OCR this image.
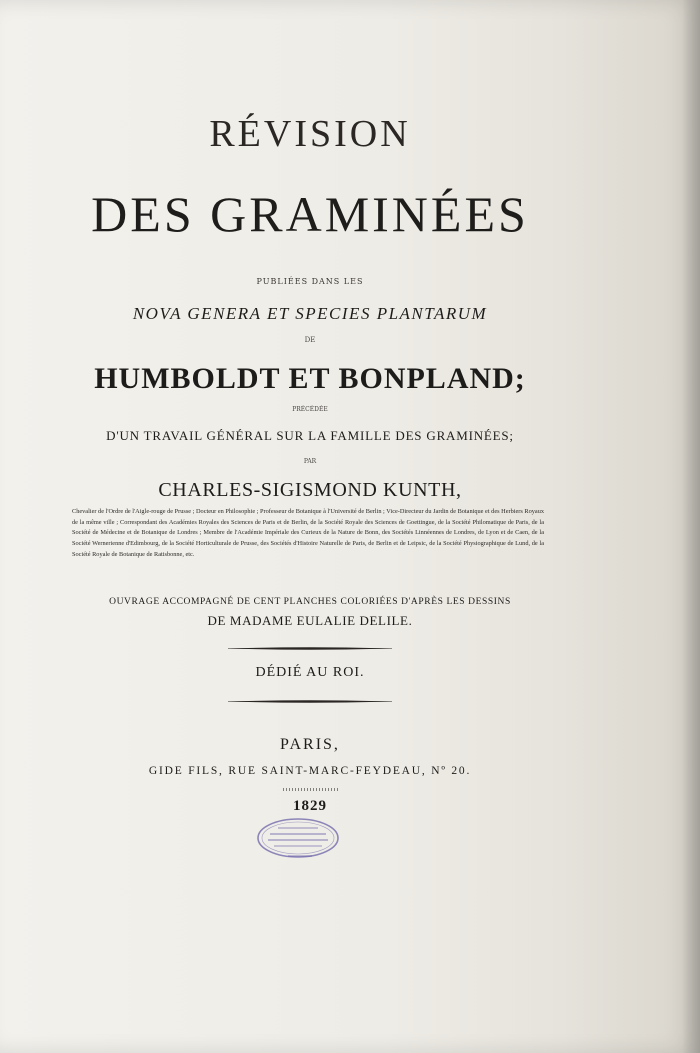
RÉVISION
DES GRAMINÉES
PUBLIÉES DANS LES
NOVA GENERA ET SPECIES PLANTARUM
DE
HUMBOLDT ET BONPLAND;
PRÉCÉDÉE
D'UN TRAVAIL GÉNÉRAL SUR LA FAMILLE DES GRAMINÉES;
PAR
CHARLES-SIGISMOND KUNTH,
Chevalier de l'Ordre de l'Aigle-rouge de Prusse ; Docteur en Philosophie ; Professeur de Botanique à l'Université de Berlin ; Vice-Directeur du Jardin de Botanique et des Herbiers Royaux de la même ville ; Correspondant des Académies Royales des Sciences de Paris et de Berlin, de la Société Royale des Sciences de Goettingue, de la Société Philomatique de Paris, de la Société de Médecine et de Botanique de Londres ; Membre de l'Académie Impériale des Curieux de la Nature de Bonn, des Sociétés Linnéennes de Londres, de Lyon et de Caen, de la Société Wernerienne d'Edimbourg, de la Société Horticulturale de Prusse, des Sociétés d'Histoire Naturelle de Paris, de Berlin et de Leipsic, de la Société Physiographique de Lund, de la Société Royale de Botanique de Ratisbonne, etc.
OUVRAGE ACCOMPAGNÉ DE CENT PLANCHES COLORIÉES D'APRÈS LES DESSINS
DE MADAME EULALIE DELILE.
DÉDIÉ AU ROI.
PARIS,
GIDE FILS, RUE SAINT-MARC-FEYDEAU, Nº 20.
1829
